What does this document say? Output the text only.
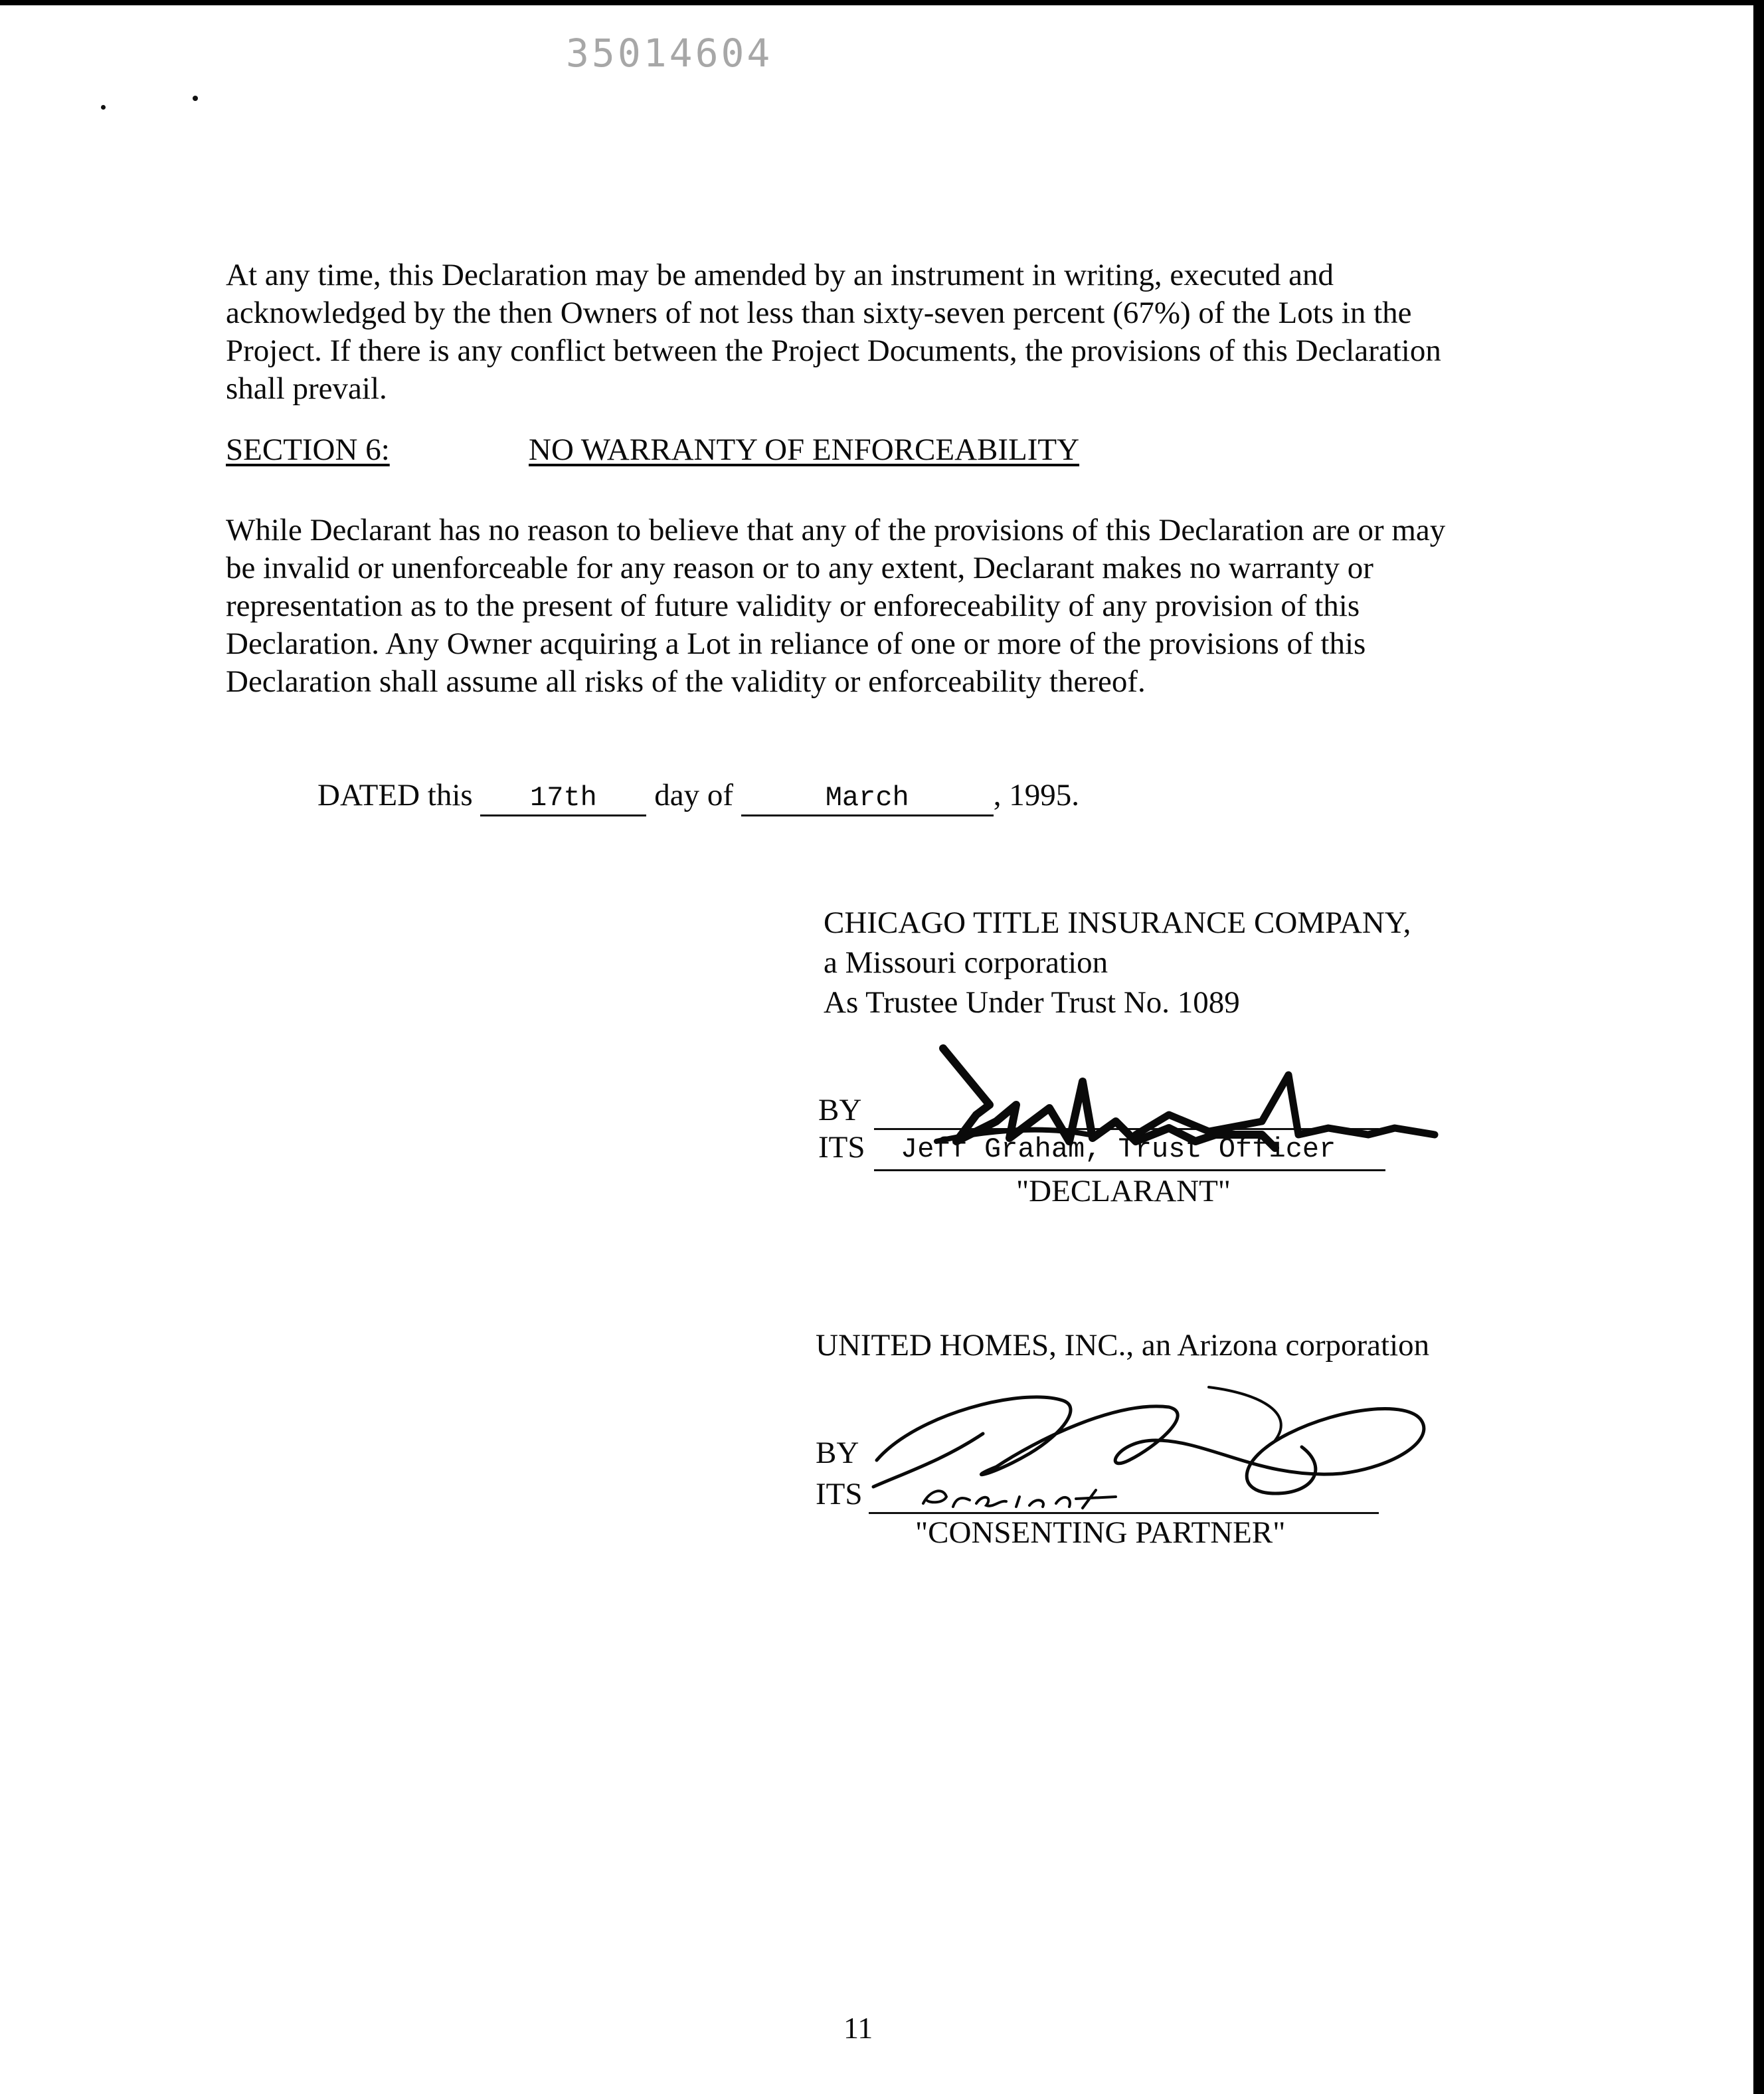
35014604

At any time, this Declaration may be amended by an instrument in writing, executed and
acknowledged by the then Owners of not less than sixty-seven percent (67%) of the Lots in the
Project. If there is any conflict between the Project Documents, the provisions of this Declaration
shall prevail.

SECTION 6:	NO WARRANTY OF ENFORCEABILITY

While Declarant has no reason to believe that any of the provisions of this Declaration are or may
be invalid or unenforceable for any reason or to any extent, Declarant makes no warranty or
representation as to the present of future validity or enforeceability of any provision of this
Declaration. Any Owner acquiring a Lot in reliance of one or more of the provisions of this
Declaration shall assume all risks of the validity or enforceability thereof.

DATED this 17th day of	March	, 1995.
CHICAGO TITLE INSURANCE COMPANY,
a Missouri corporation
As Trustee Under Trust No. 1089
BY
ITS Jeff Graham, Trust Officer
"DECLARANT"
UNITED HOMES, INC., an Arizona corporation
BY
ITS
"CONSENTING PARTNER"
11
